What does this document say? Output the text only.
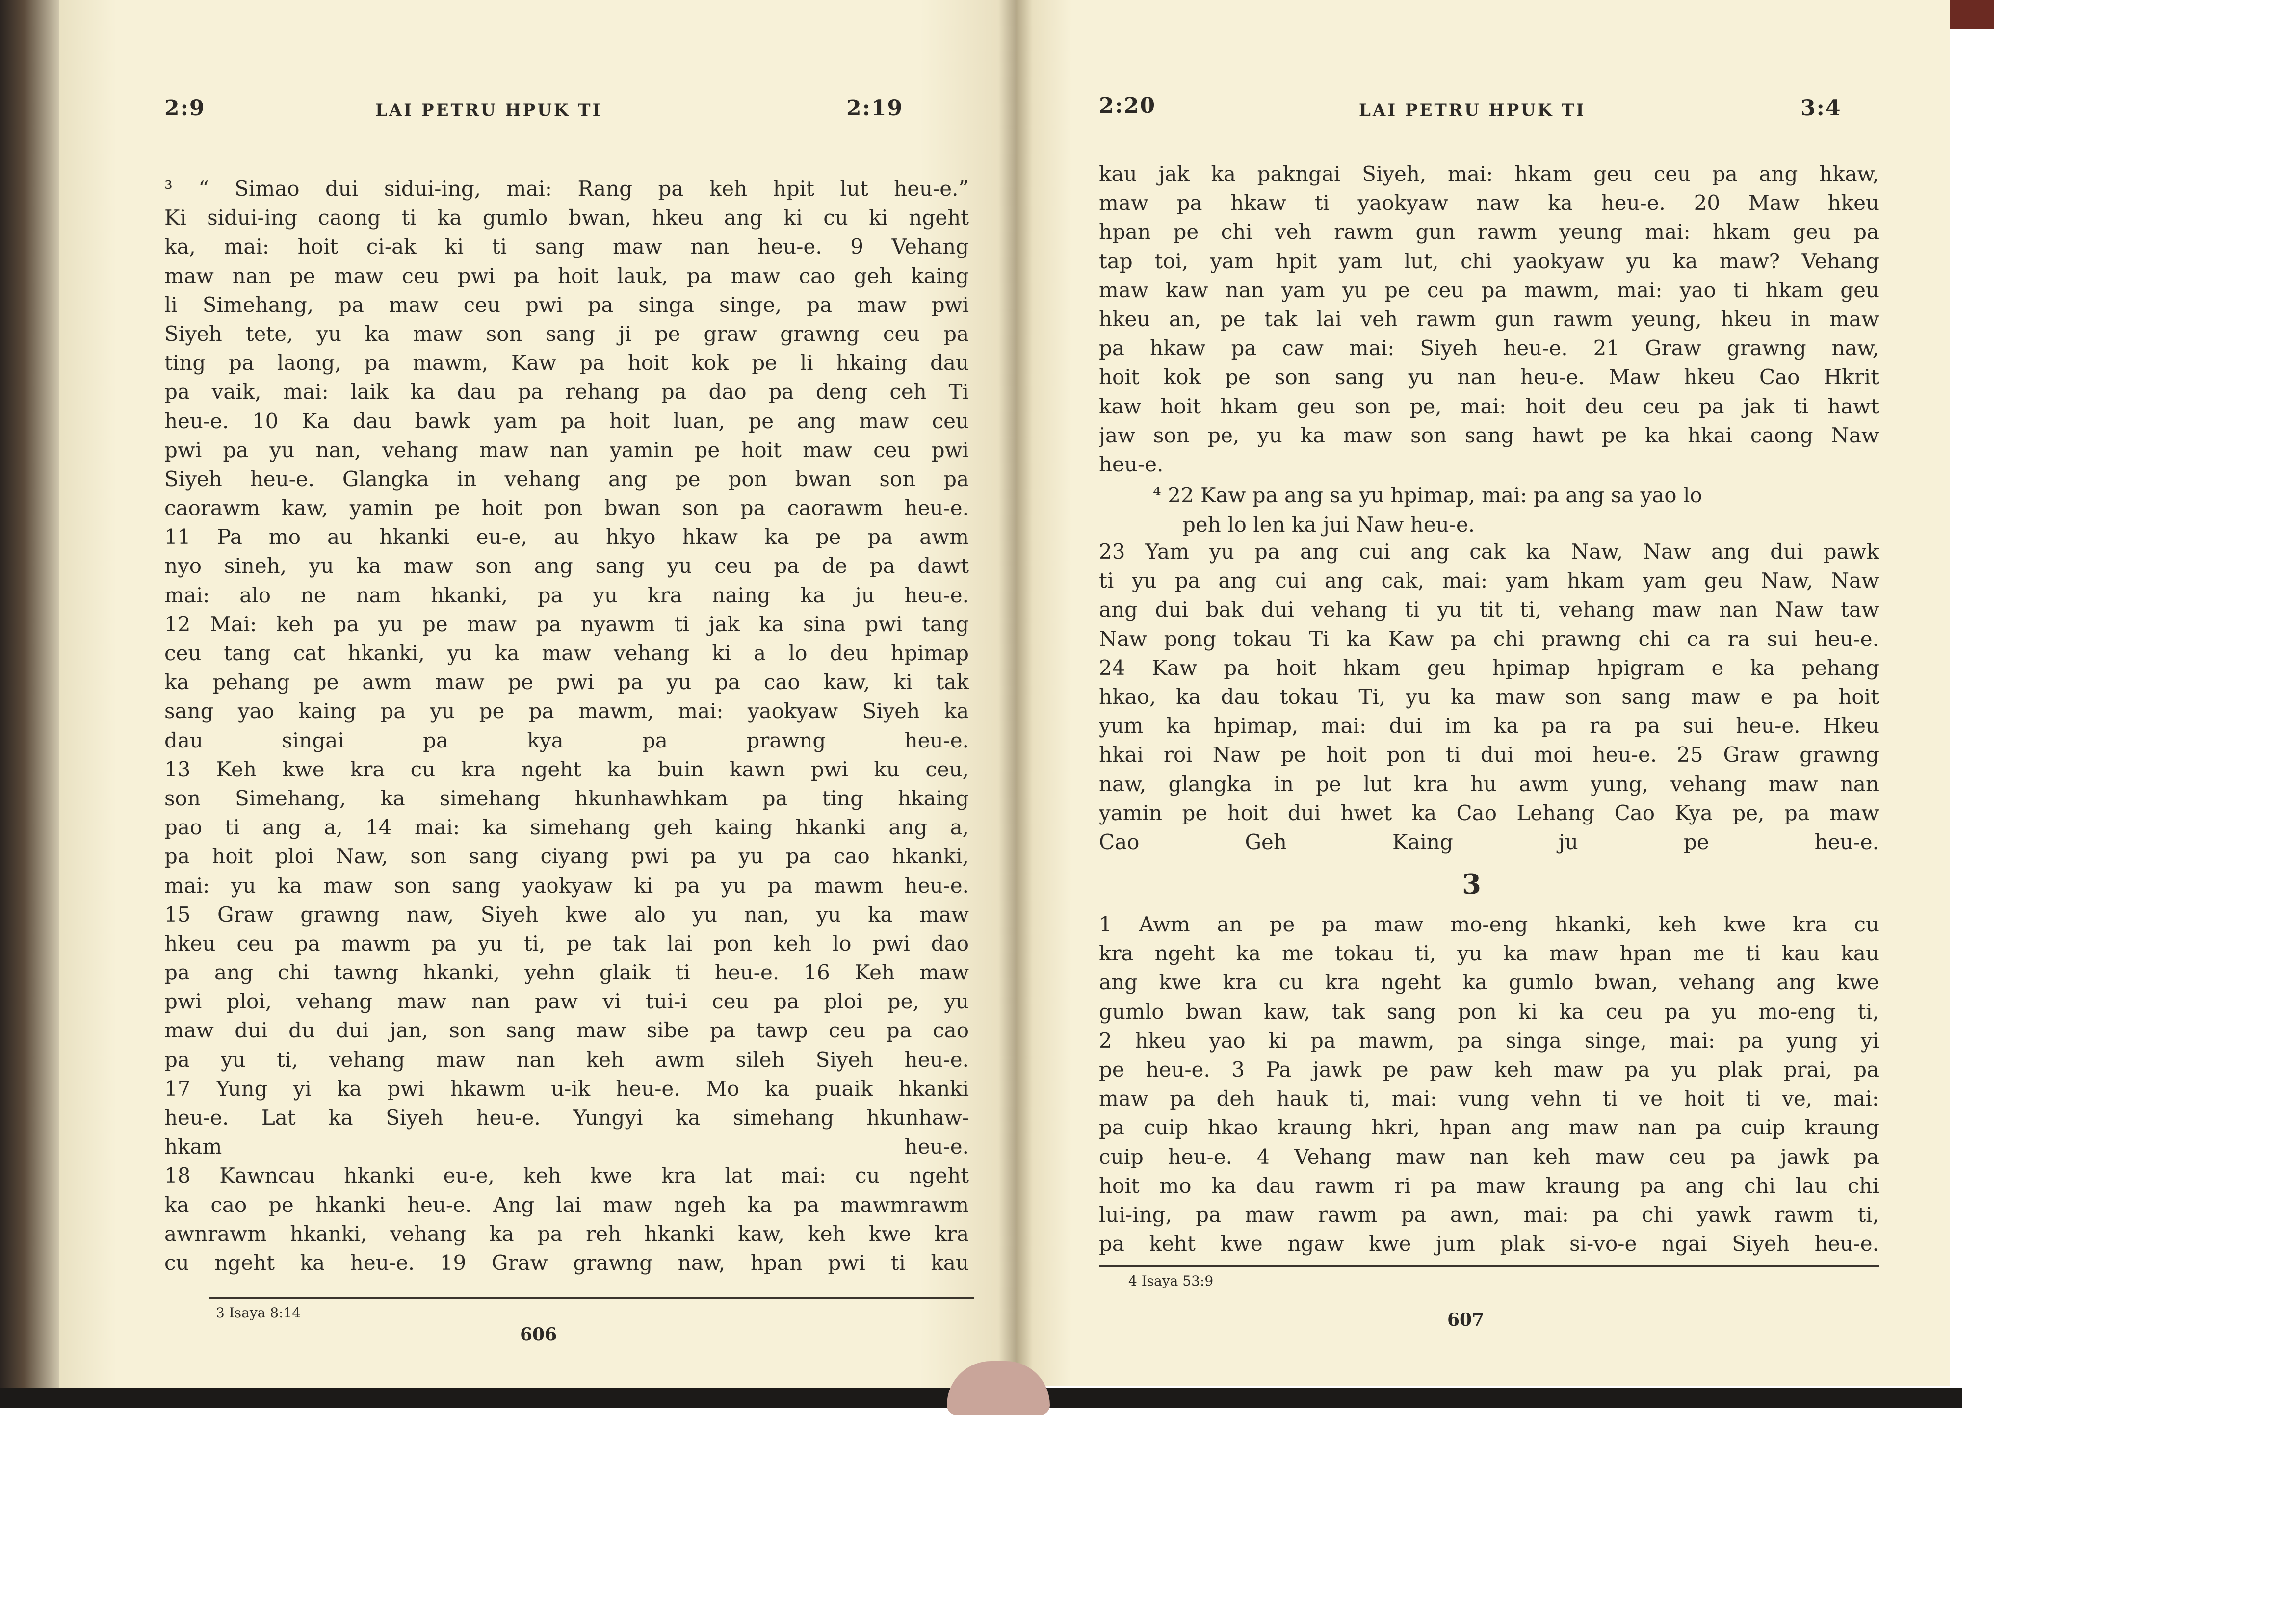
2:9	LAI PETRU HPUK TI	2:19
³ “ Simao dui sidui-ing, mai: Rang pa keh hpit lut heu-e.”
Ki sidui-ing caong ti ka gumlo bwan, hkeu ang ki cu ki ngeht
ka, mai: hoit ci-ak ki ti sang maw nan heu-e. 9 Vehang
maw nan pe maw ceu pwi pa hoit lauk, pa maw cao geh kaing
li Simehang, pa maw ceu pwi pa singa singe, pa maw pwi
Siyeh tete, yu ka maw son sang ji pe graw grawng ceu pa
ting pa laong, pa mawm, Kaw pa hoit kok pe li hkaing dau
pa vaik, mai: laik ka dau pa rehang pa dao pa deng ceh Ti
heu-e. 10 Ka dau bawk yam pa hoit luan, pe ang maw ceu
pwi pa yu nan, vehang maw nan yamin pe hoit maw ceu pwi
Siyeh heu-e. Glangka in vehang ang pe pon bwan son pa
caorawm kaw, yamin pe hoit pon bwan son pa caorawm heu-e.
11 Pa mo au hkanki eu-e, au hkyo hkaw ka pe pa awm
nyo sineh, yu ka maw son ang sang yu ceu pa de pa dawt
mai: alo ne nam hkanki, pa yu kra naing ka ju heu-e.
12 Mai: keh pa yu pe maw pa nyawm ti jak ka sina pwi tang
ceu tang cat hkanki, yu ka maw vehang ki a lo deu hpimap
ka pehang pe awm maw pe pwi pa yu pa cao kaw, ki tak
sang yao kaing pa yu pe pa mawm, mai: yaokyaw Siyeh ka
dau singai pa kya pa prawng heu-e.
13 Keh kwe kra cu kra ngeht ka buin kawn pwi ku ceu,
son Simehang, ka simehang hkunhawhkam pa ting hkaing
pao ti ang a, 14 mai: ka simehang geh kaing hkanki ang a,
pa hoit ploi Naw, son sang ciyang pwi pa yu pa cao hkanki,
mai: yu ka maw son sang yaokyaw ki pa yu pa mawm heu-e.
15 Graw grawng naw, Siyeh kwe alo yu nan, yu ka maw
hkeu ceu pa mawm pa yu ti, pe tak lai pon keh lo pwi dao
pa ang chi tawng hkanki, yehn glaik ti heu-e. 16 Keh maw
pwi ploi, vehang maw nan paw vi tui-i ceu pa ploi pe, yu
maw dui du dui jan, son sang maw sibe pa tawp ceu pa cao
pa yu ti, vehang maw nan keh awm sileh Siyeh heu-e.
17 Yung yi ka pwi hkawm u-ik heu-e. Mo ka puaik hkanki
heu-e. Lat ka Siyeh heu-e. Yungyi ka simehang hkunhaw-
hkam heu-e.
18 Kawncau hkanki eu-e, keh kwe kra lat mai: cu ngeht
ka cao pe hkanki heu-e. Ang lai maw ngeh ka pa mawmrawm
awnrawm hkanki, vehang ka pa reh hkanki kaw, keh kwe kra
cu ngeht ka heu-e. 19 Graw grawng naw, hpan pwi ti kau
3 Isaya 8:14
606
2:20	LAI PETRU HPUK TI	3:4
kau jak ka pakngai Siyeh, mai: hkam geu ceu pa ang hkaw,
maw pa hkaw ti yaokyaw naw ka heu-e. 20 Maw hkeu
hpan pe chi veh rawm gun rawm yeung mai: hkam geu pa
tap toi, yam hpit yam lut, chi yaokyaw yu ka maw? Vehang
maw kaw nan yam yu pe ceu pa mawm, mai: yao ti hkam geu
hkeu an, pe tak lai veh rawm gun rawm yeung, hkeu in maw
pa hkaw pa caw mai: Siyeh heu-e. 21 Graw grawng naw,
hoit kok pe son sang yu nan heu-e. Maw hkeu Cao Hkrit
kaw hoit hkam geu son pe, mai: hoit deu ceu pa jak ti hawt
jaw son pe, yu ka maw son sang hawt pe ka hkai caong Naw
heu-e.
⁴ 22 Kaw pa ang sa yu hpimap, mai: pa ang sa yao lo
peh lo len ka jui Naw heu-e.
23 Yam yu pa ang cui ang cak ka Naw, Naw ang dui pawk
ti yu pa ang cui ang cak, mai: yam hkam yam geu Naw, Naw
ang dui bak dui vehang ti yu tit ti, vehang maw nan Naw taw
Naw pong tokau Ti ka Kaw pa chi prawng chi ca ra sui heu-e.
24 Kaw pa hoit hkam geu hpimap hpigram e ka pehang
hkao, ka dau tokau Ti, yu ka maw son sang maw e pa hoit
yum ka hpimap, mai: dui im ka pa ra pa sui heu-e. Hkeu
hkai roi Naw pe hoit pon ti dui moi heu-e. 25 Graw grawng
naw, glangka in pe lut kra hu awm yung, vehang maw nan
yamin pe hoit dui hwet ka Cao Lehang Cao Kya pe, pa maw
Cao Geh Kaing ju pe heu-e.
3
1 Awm an pe pa maw mo-eng hkanki, keh kwe kra cu
kra ngeht ka me tokau ti, yu ka maw hpan me ti kau kau
ang kwe kra cu kra ngeht ka gumlo bwan, vehang ang kwe
gumlo bwan kaw, tak sang pon ki ka ceu pa yu mo-eng ti,
2 hkeu yao ki pa mawm, pa singa singe, mai: pa yung yi
pe heu-e. 3 Pa jawk pe paw keh maw pa yu plak prai, pa
maw pa deh hauk ti, mai: vung vehn ti ve hoit ti ve, mai:
pa cuip hkao kraung hkri, hpan ang maw nan pa cuip kraung
cuip heu-e. 4 Vehang maw nan keh maw ceu pa jawk pa
hoit mo ka dau rawm ri pa maw kraung pa ang chi lau chi
lui-ing, pa maw rawm pa awn, mai: pa chi yawk rawm ti,
pa keht kwe ngaw kwe jum plak si-vo-e ngai Siyeh heu-e.
4 Isaya 53:9
607
